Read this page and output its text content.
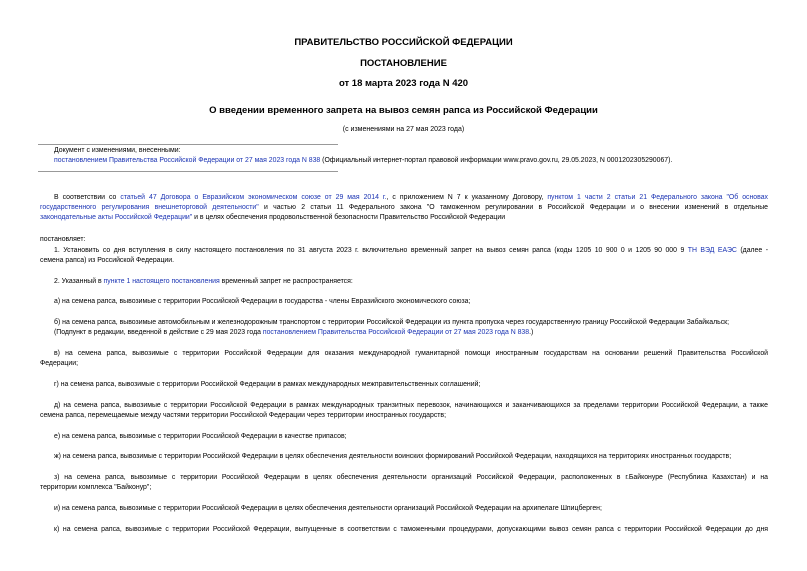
ПРАВИТЕЛЬСТВО РОССИЙСКОЙ ФЕДЕРАЦИИ
ПОСТАНОВЛЕНИЕ
от 18 марта 2023 года N 420
О введении временного запрета на вывоз семян рапса из Российской Федерации
(с изменениями на 27 мая 2023 года)
Документ с изменениями, внесенными:
постановлением Правительства Российской Федерации от 27 мая 2023 года N 838 (Официальный интернет-портал правовой информации www.pravo.gov.ru, 29.05.2023, N 0001202305290067).
В соответствии со статьей 47 Договора о Евразийском экономическом союзе от 29 мая 2014 г., с приложением N 7 к указанному Договору, пунктом 1 части 2 статьи 21 Федерального закона "Об основах
государственного регулирования внешнеторговой деятельности" и частью 2 статьи 11 Федерального закона "О таможенном регулировании в Российской Федерации и о внесении изменений в отдельные
законодательные акты Российской Федерации" и в целях обеспечения продовольственной безопасности Правительство Российской Федерации
постановляет:
1. Установить со дня вступления в силу настоящего постановления по 31 августа 2023 г. включительно временный запрет на вывоз семян рапса (коды 1205 10 900 0 и 1205 90 000 9 ТН ВЭД ЕАЭС (далее -
семена рапса) из Российской Федерации.
2. Указанный в пункте 1 настоящего постановления временный запрет не распространяется:
а) на семена рапса, вывозимые с территории Российской Федерации в государства - члены Евразийского экономического союза;
б) на семена рапса, вывозимые автомобильным и железнодорожным транспортом с территории Российской Федерации из пункта пропуска через государственную границу Российской Федерации Забайкальск;
(Подпункт в редакции, введенной в действие с 29 мая 2023 года постановлением Правительства Российской Федерации от 27 мая 2023 года N 838.)
в) на семена рапса, вывозимые с территории Российской Федерации для оказания международной гуманитарной помощи иностранным государствам на основании решений Правительства Российской
Федерации;
г) на семена рапса, вывозимые с территории Российской Федерации в рамках международных межправительственных соглашений;
д) на семена рапса, вывозимые с территории Российской Федерации в рамках международных транзитных перевозок, начинающихся и заканчивающихся за пределами территории Российской Федерации, а также
семена рапса, перемещаемые между частями территории Российской Федерации через территории иностранных государств;
е) на семена рапса, вывозимые с территории Российской Федерации в качестве припасов;
ж) на семена рапса, вывозимые с территории Российской Федерации в целях обеспечения деятельности воинских формирований Российской Федерации, находящихся на территориях иностранных государств;
з) на семена рапса, вывозимые с территории Российской Федерации в целях обеспечения деятельности организаций Российской Федерации, расположенных в г.Байконуре (Республика Казахстан) и на
территории комплекса "Байконур";
и) на семена рапса, вывозимые с территории Российской Федерации в целях обеспечения деятельности организаций Российской Федерации на архипелаге Шпицберген;
к) на семена рапса, вывозимые с территории Российской Федерации, выпущенные в соответствии с таможенными процедурами, допускающими вывоз семян рапса с территории Российской Федерации до дня
